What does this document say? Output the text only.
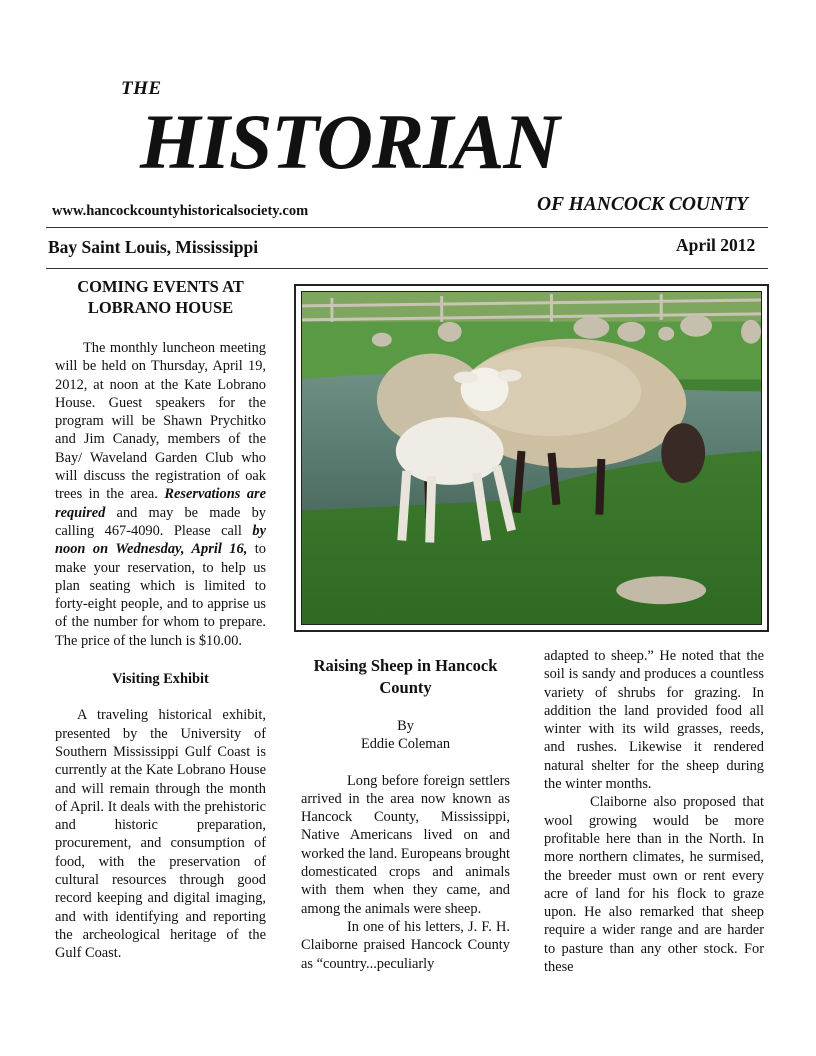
THE
HISTORIAN
www.hancockcountyhistoricalsociety.com	OF HANCOCK COUNTY
Bay Saint Louis, Mississippi	April 2012
COMING EVENTS AT LOBRANO HOUSE

The monthly luncheon meeting will be held on Thursday, April 19, 2012, at noon at the Kate Lobrano House. Guest speakers for the program will be Shawn Prychitko and Jim Canady, members of the Bay/ Waveland Garden Club who will discuss the registration of oak trees in the area. Reservations are required and may be made by calling 467-4090. Please call by noon on Wednesday, April 16, to make your reservation, to help us plan seating which is limited to forty-eight people, and to apprise us of the number for whom to prepare. The price of the lunch is $10.00.

Visiting Exhibit

A traveling historical exhibit, presented by the University of Southern Mississippi Gulf Coast is currently at the Kate Lobrano House and will remain through the month of April. It deals with the prehistoric and historic preparation, procurement, and consumption of food, with the preservation of cultural resources through good record keeping and digital imaging, and with identifying and reporting the archeological heritage of the Gulf Coast.

Raising Sheep in Hancock County
By
Eddie Coleman

Long before foreign settlers arrived in the area now known as Hancock County, Mississippi, Native Americans lived on and worked the land. Europeans brought domesticated crops and animals with them when they came, and among the animals were sheep.

In one of his letters, J. F. H. Claiborne praised Hancock County as “country...peculiarly

adapted to sheep.” He noted that the soil is sandy and produces a countless variety of shrubs for grazing. In addition the land provided food all winter with its wild grasses, reeds, and rushes. Likewise it rendered natural shelter for the sheep during the winter months.

Claiborne also proposed that wool growing would be more profitable here than in the North. In more northern climates, he surmised, the breeder must own or rent every acre of land for his flock to graze upon. He also remarked that sheep require a wider range and are harder to pasture than any other stock. For these
